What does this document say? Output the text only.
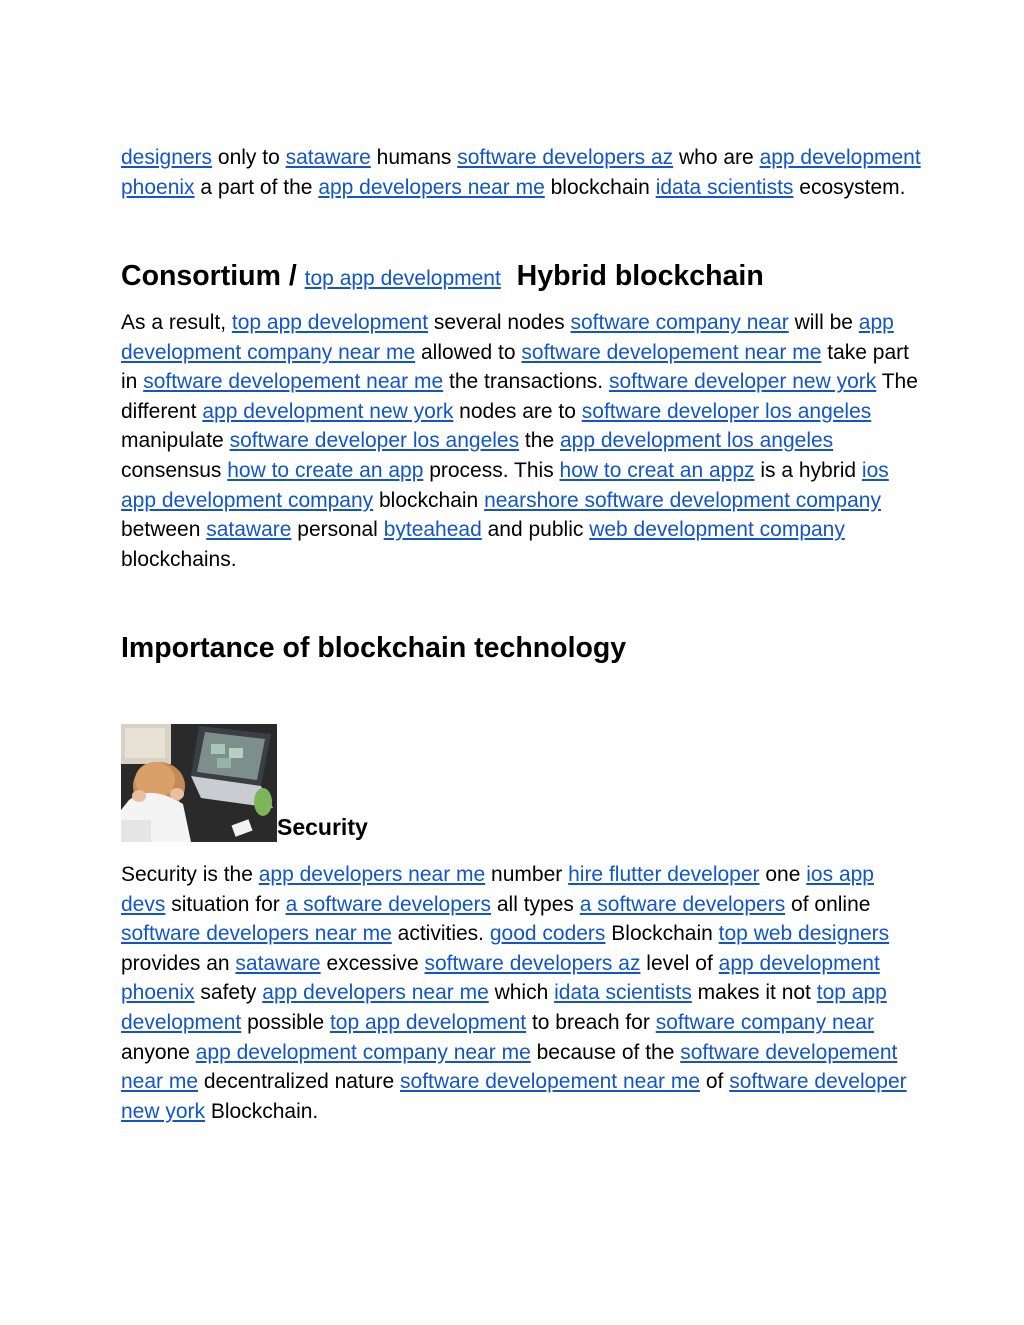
designers only to sataware humans software developers az who are app development phoenix a part of the app developers near me blockchain idata scientists ecosystem.

Consortium / top app development Hybrid blockchain

As a result, top app development several nodes software company near will be app development company near me allowed to software developement near me take part in software developement near me the transactions. software developer new york The different app development new york nodes are to software developer los angeles manipulate software developer los angeles the app development los angeles consensus how to create an app process. This how to creat an appz is a hybrid ios app development company blockchain nearshore software development company between sataware personal byteahead and public web development company blockchains.

Importance of blockchain technology
Security

Security is the app developers near me number hire flutter developer one ios app devs situation for a software developers all types a software developers of online software developers near me activities. good coders Blockchain top web designers provides an sataware excessive software developers az level of app development phoenix safety app developers near me which idata scientists makes it not top app development possible top app development to breach for software company near anyone app development company near me because of the software developement near me decentralized nature software developement near me of software developer new york Blockchain.
